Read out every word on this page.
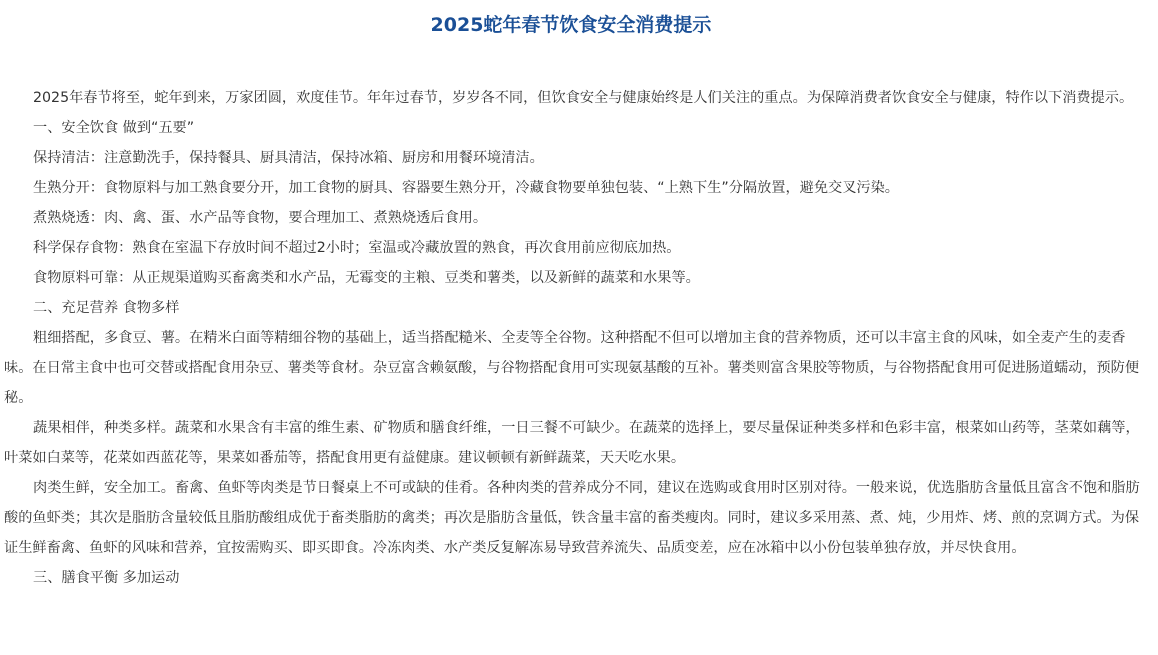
2025蛇年春节饮食安全消费提示

2025年春节将至，蛇年到来，万家团圆，欢度佳节。年年过春节，岁岁各不同，但饮食安全与健康始终是人们关注的重点。为保障消费者饮食安全与健康，特作以下消费提示。

一、安全饮食 做到“五要”

保持清洁：注意勤洗手，保持餐具、厨具清洁，保持冰箱、厨房和用餐环境清洁。

生熟分开：食物原料与加工熟食要分开，加工食物的厨具、容器要生熟分开，冷藏食物要单独包装、“上熟下生”分隔放置，避免交叉污染。

煮熟烧透：肉、禽、蛋、水产品等食物，要合理加工、煮熟烧透后食用。

科学保存食物：熟食在室温下存放时间不超过2小时；室温或冷藏放置的熟食，再次食用前应彻底加热。

食物原料可靠：从正规渠道购买畜禽类和水产品，无霉变的主粮、豆类和薯类，以及新鲜的蔬菜和水果等。

二、充足营养 食物多样

粗细搭配，多食豆、薯。在精米白面等精细谷物的基础上，适当搭配糙米、全麦等全谷物。这种搭配不但可以增加主食的营养物质，还可以丰富主食的风味，如全麦产生的麦香味。在日常主食中也可交替或搭配食用杂豆、薯类等食材。杂豆富含赖氨酸，与谷物搭配食用可实现氨基酸的互补。薯类则富含果胶等物质，与谷物搭配食用可促进肠道蠕动，预防便秘。

蔬果相伴，种类多样。蔬菜和水果含有丰富的维生素、矿物质和膳食纤维，一日三餐不可缺少。在蔬菜的选择上，要尽量保证种类多样和色彩丰富，根菜如山药等，茎菜如藕等，叶菜如白菜等，花菜如西蓝花等，果菜如番茄等，搭配食用更有益健康。建议顿顿有新鲜蔬菜，天天吃水果。

肉类生鲜，安全加工。畜禽、鱼虾等肉类是节日餐桌上不可或缺的佳肴。各种肉类的营养成分不同，建议在选购或食用时区别对待。一般来说，优选脂肪含量低且富含不饱和脂肪酸的鱼虾类；其次是脂肪含量较低且脂肪酸组成优于畜类脂肪的禽类；再次是脂肪含量低，铁含量丰富的畜类瘦肉。同时，建议多采用蒸、煮、炖，少用炸、烤、煎的烹调方式。为保证生鲜畜禽、鱼虾的风味和营养，宜按需购买、即买即食。冷冻肉类、水产类反复解冻易导致营养流失、品质变差，应在冰箱中以小份包装单独存放，并尽快食用。

三、膳食平衡 多加运动
